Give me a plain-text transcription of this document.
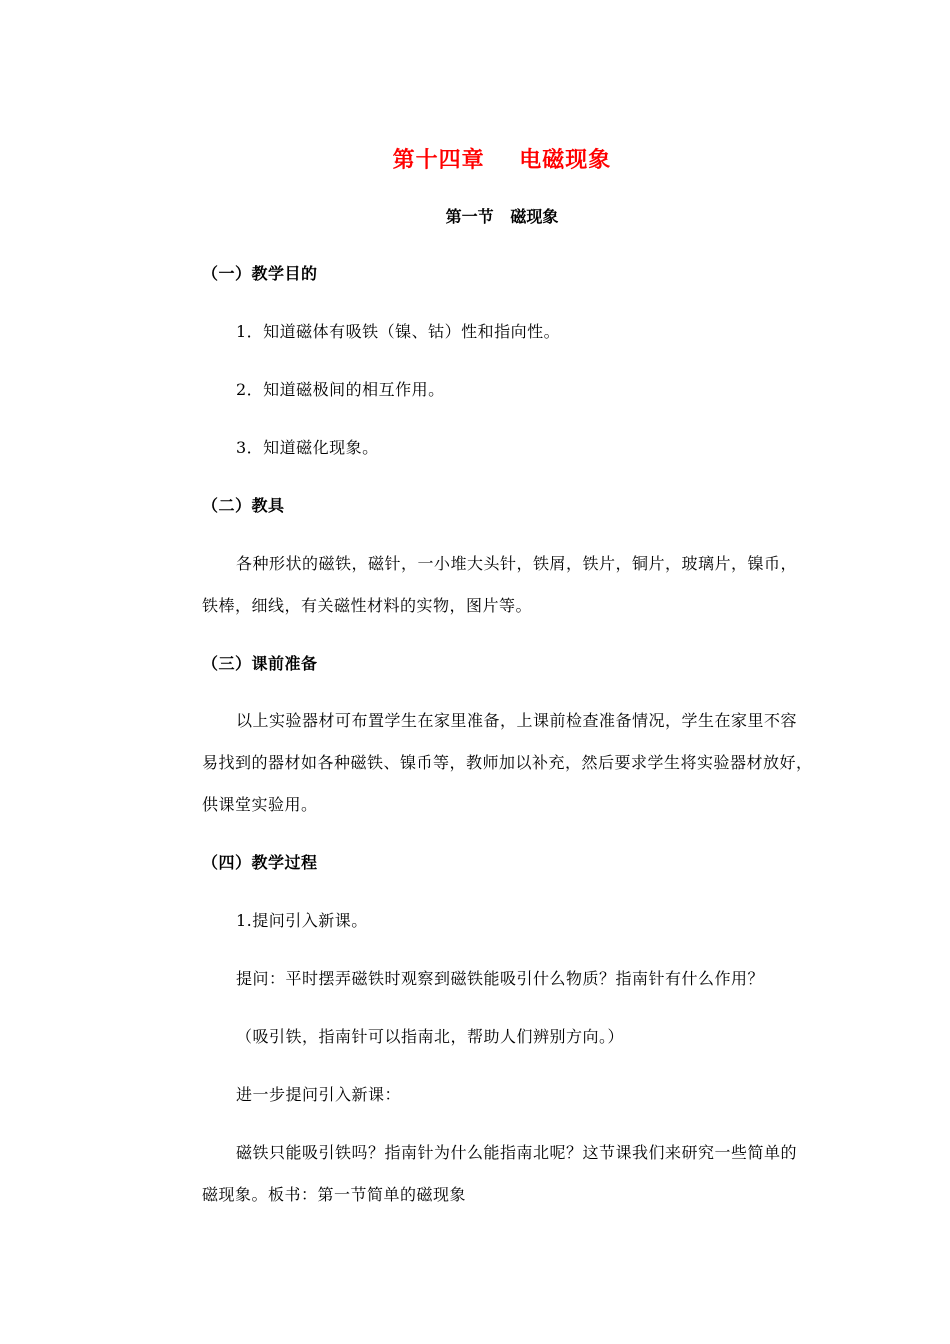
第十四章    电磁现象
第一节   磁现象
（一）教学目的
1．知道磁体有吸铁（镍、钴）性和指向性。
2．知道磁极间的相互作用。
3．知道磁化现象。
（二）教具
各种形状的磁铁，磁针，一小堆大头针，铁屑，铁片，铜片，玻璃片，镍币，
铁棒，细线，有关磁性材料的实物，图片等。
（三）课前准备
以上实验器材可布置学生在家里准备，上课前检查准备情况，学生在家里不容
易找到的器材如各种磁铁、镍币等，教师加以补充，然后要求学生将实验器材放好，
供课堂实验用。
（四）教学过程
1.提问引入新课。
提问：平时摆弄磁铁时观察到磁铁能吸引什么物质？指南针有什么作用？
（吸引铁，指南针可以指南北，帮助人们辨别方向。）
进一步提问引入新课：
磁铁只能吸引铁吗？指南针为什么能指南北呢？这节课我们来研究一些简单的
磁现象。板书：第一节简单的磁现象
